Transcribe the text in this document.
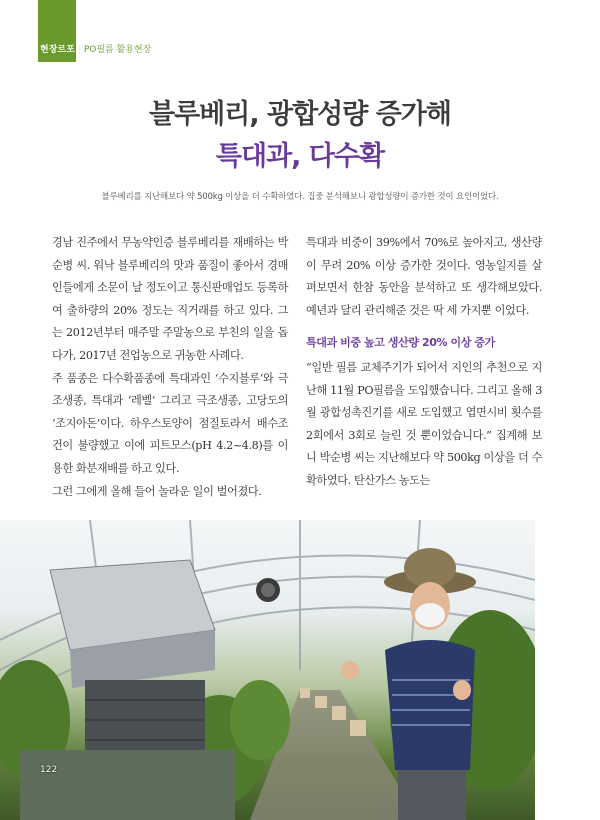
현장르포 | PO필름 활용현장
블루베리, 광합성량 증가해
특대과, 다수확

블루베리를 지난해보다 약 500kg 이상을 더 수확하였다. 집중 분석해보니 광합성량이 증가한 것이 요인이었다.

경남 진주에서 무농약인증 블루베리를 재배하는 박순병 씨. 워낙 블루베리의 맛과 품질이 좋아서 경매인들에게 소문이 날 정도이고 통신판매업도 등록하여 출하량의 20% 정도는 직거래를 하고 있다. 그는 2012년부터 매주말 주말농으로 부친의 일을 돕다가, 2017년 전업농으로 귀농한 사례다.

주 품종은 다수확품종에 특대과인 ‘수지블루’와 극조생종, 특대과 ‘레벨’ 그리고 극조생종, 고당도의 ‘조지아돈’이다. 하우스토양이 점질토라서 배수조건이 불량했고 이에 피트모스(pH 4.2~4.8)를 이용한 화분재배를 하고 있다.

그런 그에게 올해 들어 놀라운 일이 벌어졌다.

특대과 비중이 39%에서 70%로 높아지고, 생산량이 무려 20% 이상 증가한 것이다. 영농일지를 살펴보면서 한참 동안을 분석하고 또 생각해보았다. 예년과 달리 관리해준 것은 딱 세 가지뿐 이었다.

특대과 비중 높고 생산량 20% 이상 증가

“일반 필름 교체주기가 되어서 지인의 추천으로 지난해 11월 PO필름을 도입했습니다. 그리고 올해 3월 광합성촉진기를 새로 도입했고 엽면시비 횟수를 2회에서 3회로 늘린 것 뿐이었습니다.” 집계해 보니 박순병 씨는 지난해보다 약 500kg 이상을 더 수확하였다. 탄산가스 농도는

122
